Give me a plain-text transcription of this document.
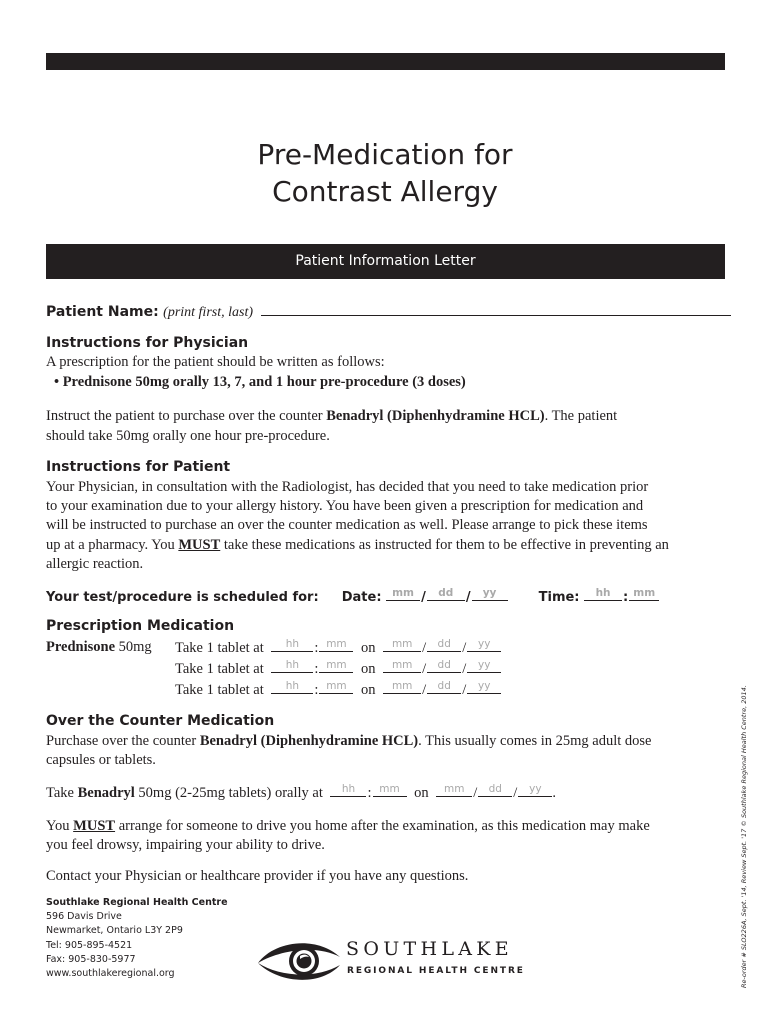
Pre-Medication for
Contrast Allergy
Patient Information Letter
Patient Name: (print first, last)
Instructions for Physician
A prescription for the patient should be written as follows:
• Prednisone 50mg orally 13, 7, and 1 hour pre-procedure (3 doses)
Instruct the patient to purchase over the counter Benadryl (Diphenhydramine HCL). The patient
should take 50mg orally one hour pre-procedure.
Instructions for Patient
Your Physician, in consultation with the Radiologist, has decided that you need to take medication prior
to your examination due to your allergy history. You have been given a prescription for medication and
will be instructed to purchase an over the counter medication as well. Please arrange to pick these items
up at a pharmacy. You MUST take these medications as instructed for them to be effective in preventing an
allergic reaction.
Your test/procedure is scheduled for: Date:	mm /	dd /	yy	Time:	hh : mm
Prescription Medication
Prednisone 50mg Take 1 tablet at	hh	: mm on	mm /	dd /	yy
Take 1 tablet at	hh	: mm on	mm /	dd /	yy
Take 1 tablet at	hh	: mm on	mm /	dd /	yy
Over the Counter Medication
Purchase over the counter Benadryl (Diphenhydramine HCL). This usually comes in 25mg adult dose
capsules or tablets.
Take Benadryl 50mg (2-25mg tablets) orally at	hh : mm on	mm /	dd /	yy .
You MUST arrange for someone to drive you home after the examination, as this medication may make
you feel drowsy, impairing your ability to drive.
Contact your Physician or healthcare provider if you have any questions.
Southlake Regional Health Centre
596 Davis Drive
Newmarket, Ontario L3Y 2P9
Tel: 905-895-4521
Fax: 905-830-5977
www.southlakeregional.org
SOUTHLAKE
REGIONAL HEALTH CENTRE	Re-order # SLO226A, Sept. '14, Review Sept. '17 © Southlake Regional Health Centre, 2014.
